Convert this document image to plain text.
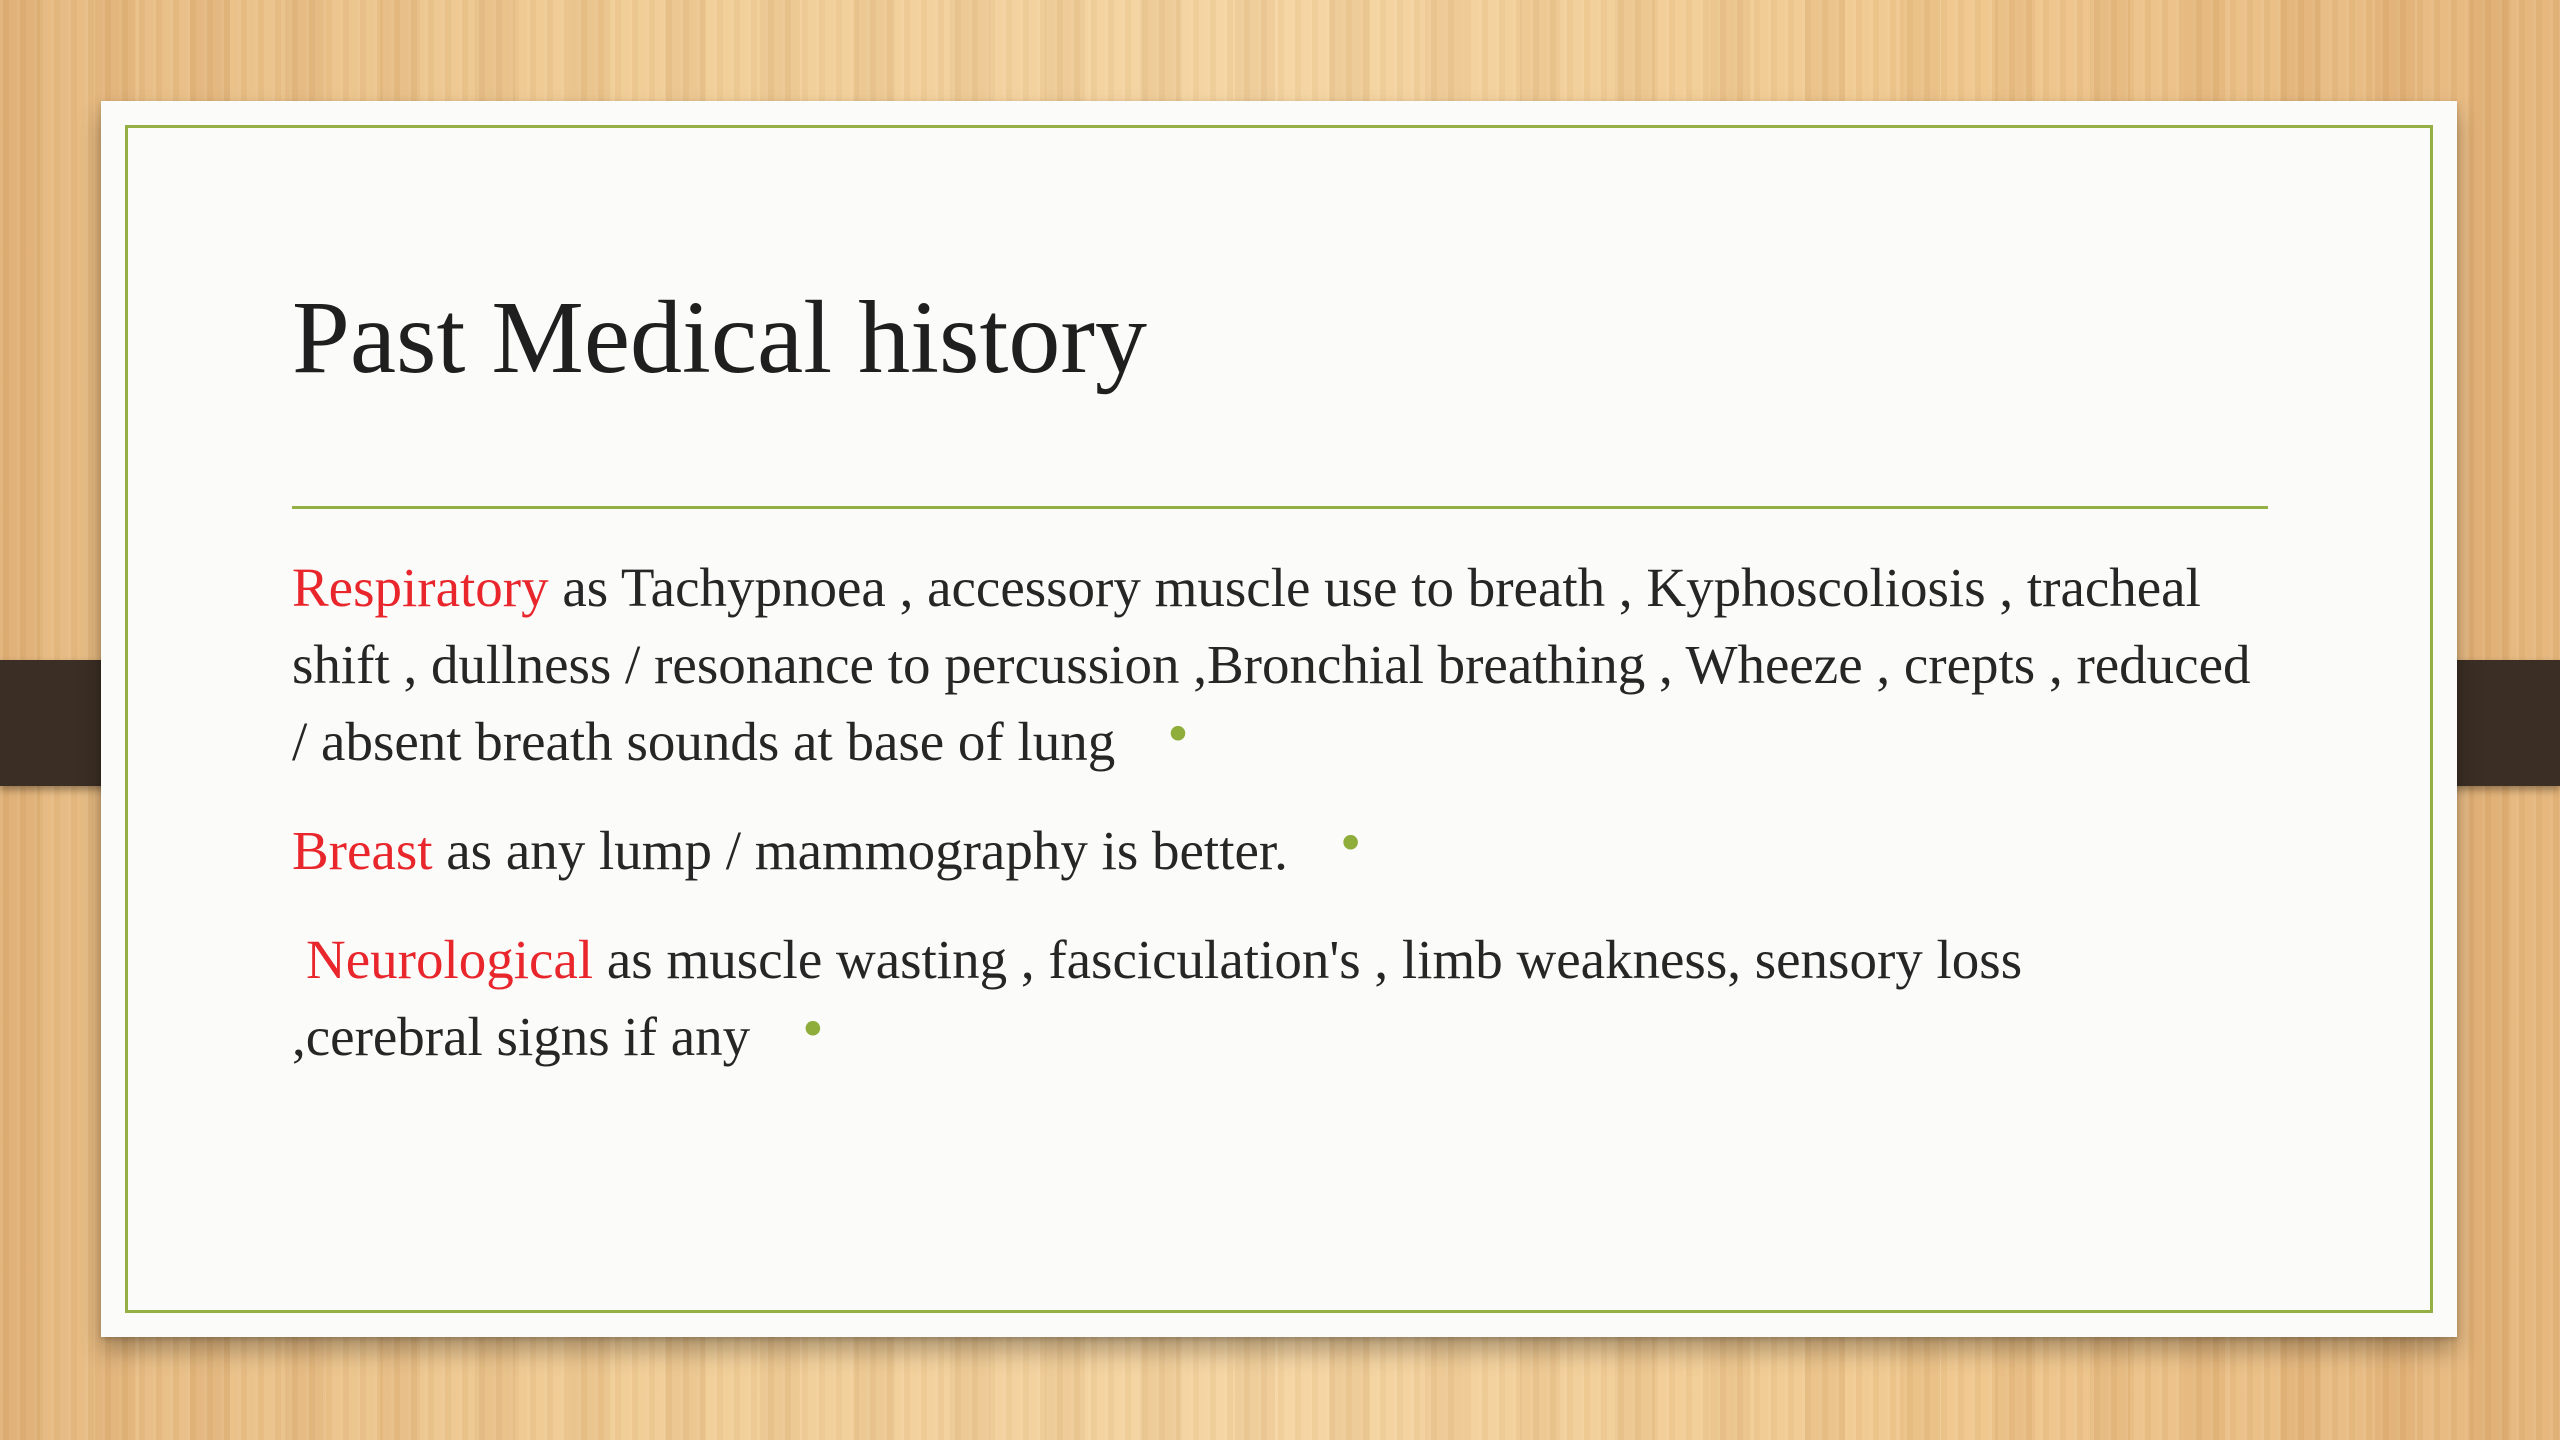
Past Medical history
Respiratory as Tachypnoea , accessory muscle use to breath , Kyphoscoliosis , tracheal shift , dullness / resonance to percussion ,Bronchial breathing , Wheeze , crepts , reduced / absent breath sounds at base of lung •
Breast as any lump / mammography is better. •
Neurological as muscle wasting , fasciculation's , limb weakness, sensory loss ,cerebral signs if any •
